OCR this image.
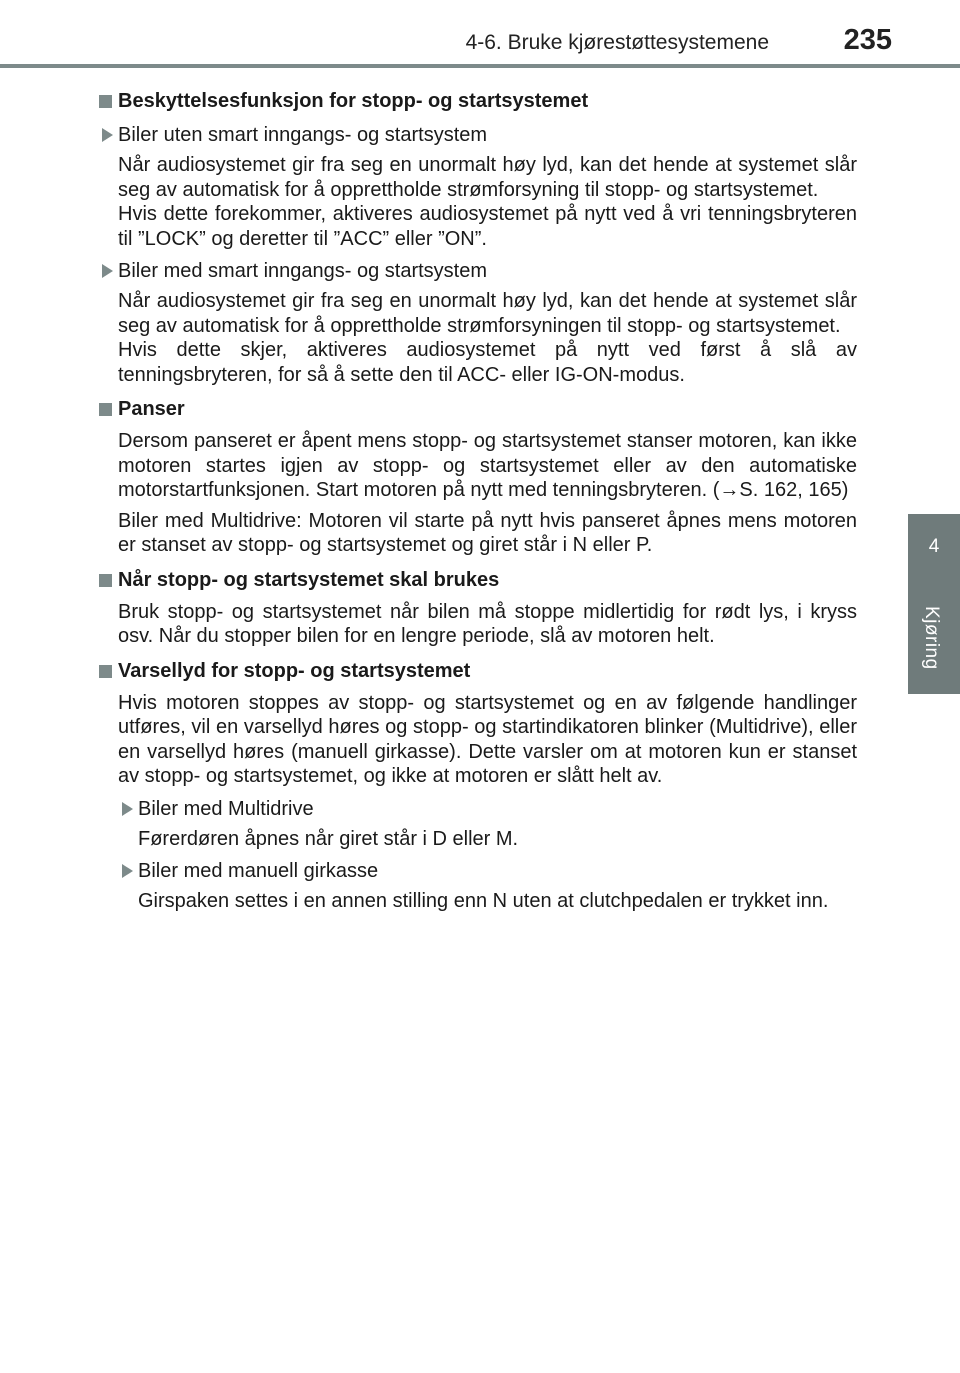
4-6. Bruke kjørestøttesystemene	235
4
Kjøring
Beskyttelsesfunksjon for stopp- og startsystemet
Biler uten smart inngangs- og startsystem
Når audiosystemet gir fra seg en unormalt høy lyd, kan det hende at systemet slår seg av automatisk for å opprettholde strømforsyning til stopp- og startsystemet.
Hvis dette forekommer, aktiveres audiosystemet på nytt ved å vri tenningsbryteren til ”LOCK” og deretter til ”ACC” eller ”ON”.
Biler med smart inngangs- og startsystem
Når audiosystemet gir fra seg en unormalt høy lyd, kan det hende at systemet slår seg av automatisk for å opprettholde strømforsyningen til stopp- og startsystemet.
Hvis dette skjer, aktiveres audiosystemet på nytt ved først å slå av tenningsbryteren, for så å sette den til ACC- eller IG-ON-modus.
Panser
Dersom panseret er åpent mens stopp- og startsystemet stanser motoren, kan ikke motoren startes igjen av stopp- og startsystemet eller av den automatiske motorstartfunksjonen. Start motoren på nytt med tenningsbryteren. (→S. 162, 165)
Biler med Multidrive: Motoren vil starte på nytt hvis panseret åpnes mens motoren er stanset av stopp- og startsystemet og giret står i N eller P.
Når stopp- og startsystemet skal brukes
Bruk stopp- og startsystemet når bilen må stoppe midlertidig for rødt lys, i kryss osv. Når du stopper bilen for en lengre periode, slå av motoren helt.
Varsellyd for stopp- og startsystemet
Hvis motoren stoppes av stopp- og startsystemet og en av følgende handlinger utføres, vil en varsellyd høres og stopp- og startindikatoren blinker (Multidrive), eller en varsellyd høres (manuell girkasse). Dette varsler om at motoren kun er stanset av stopp- og startsystemet, og ikke at motoren er slått helt av.
Biler med Multidrive
Førerdøren åpnes når giret står i D eller M.
Biler med manuell girkasse
Girspaken settes i en annen stilling enn N uten at clutchpedalen er trykket inn.
